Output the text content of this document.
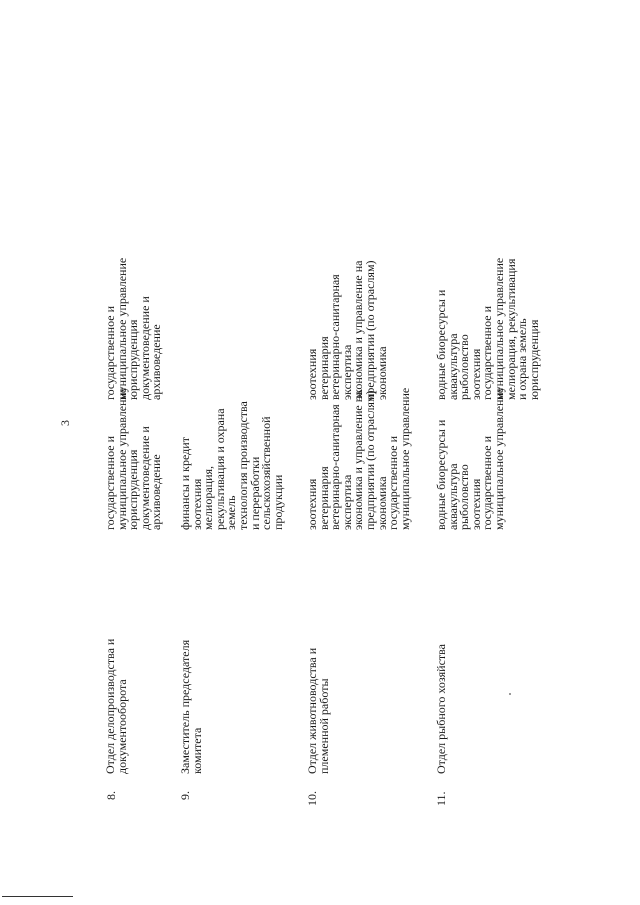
3
8.
Отдел делопроизводства и
документооборота
государственное и
муниципальное управление
юриспруденция
документоведение и
архивоведение
государственное и
муниципальное управление
юриспруденция
документоведение и
архивоведение
9.
Заместитель председателя
комитета
финансы и кредит
зоотехния
мелиорация,
рекультивация и охрана
земель
технология производства
и переработки
сельскохозяйственной
продукции
10.
Отдел животноводства и
племенной работы
зоотехния
ветеринария
ветеринарно-санитарная
экспертиза
экономика и управление на
предприятии (по отраслям)
экономика
государственное и
муниципальное управление
зоотехния
ветеринария
ветеринарно-санитарная
экспертиза
экономика и управление на
предприятии (по отраслям)
экономика
11.
Отдел рыбного хозяйства
водные биоресурсы и
аквакультура
рыболовство
зоотехния
государственное и
муниципальное управление
водные биоресурсы и
аквакультура
рыболовство
зоотехния
государственное и
муниципальное управление
мелиорация, рекультивация
и охрана земель
юриспруденция
